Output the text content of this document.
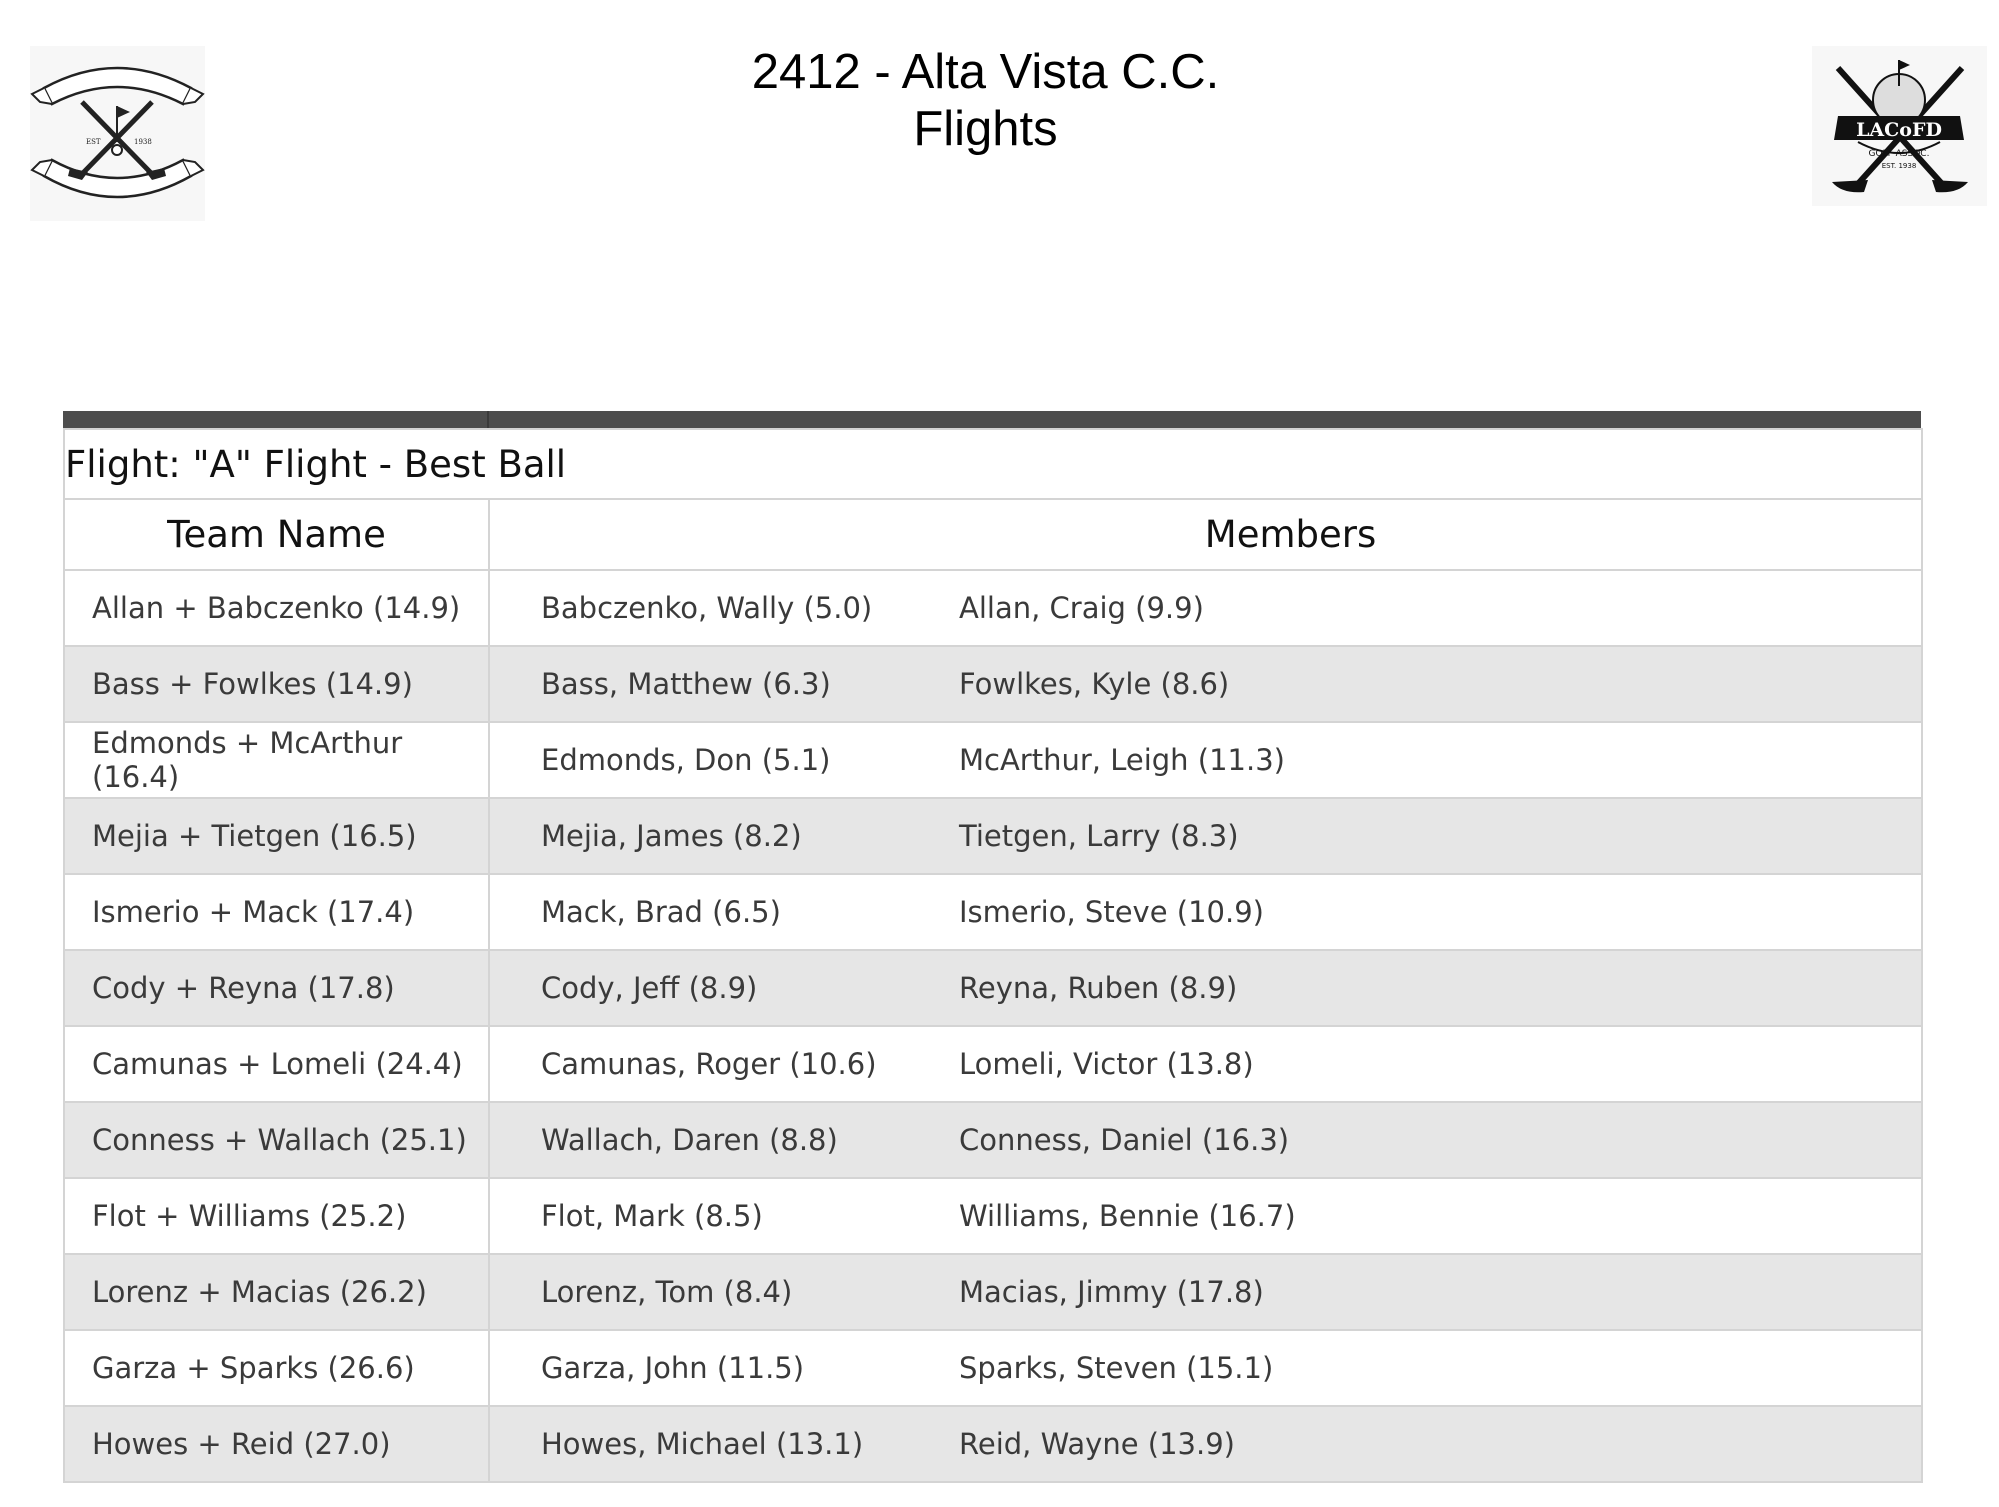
EST	1938
2412 - Alta Vista C.C.
Flights	LACoFD
GOLF ASSOC.
EST. 1938
Flight: "A" Flight - Best Ball	
Team Name	Members
Allan + Babczenko (14.9)	Babczenko, Wally (5.0) Allan, Craig (9.9)
Bass + Fowlkes (14.9)	Bass, Matthew (6.3) Fowlkes, Kyle (8.6)
Edmonds + McArthur (16.4)	Edmonds, Don (5.1) McArthur, Leigh (11.3)
Mejia + Tietgen (16.5)	Mejia, James (8.2) Tietgen, Larry (8.3)
Ismerio + Mack (17.4)	Mack, Brad (6.5) Ismerio, Steve (10.9)
Cody + Reyna (17.8)	Cody, Jeff (8.9) Reyna, Ruben (8.9)
Camunas + Lomeli (24.4)	Camunas, Roger (10.6) Lomeli, Victor (13.8)
Conness + Wallach (25.1)	Wallach, Daren (8.8) Conness, Daniel (16.3)
Flot + Williams (25.2)	Flot, Mark (8.5) Williams, Bennie (16.7)
Lorenz + Macias (26.2)	Lorenz, Tom (8.4) Macias, Jimmy (17.8)
Garza + Sparks (26.6)	Garza, John (11.5) Sparks, Steven (15.1)
Howes + Reid (27.0)	Howes, Michael (13.1) Reid, Wayne (13.9)
